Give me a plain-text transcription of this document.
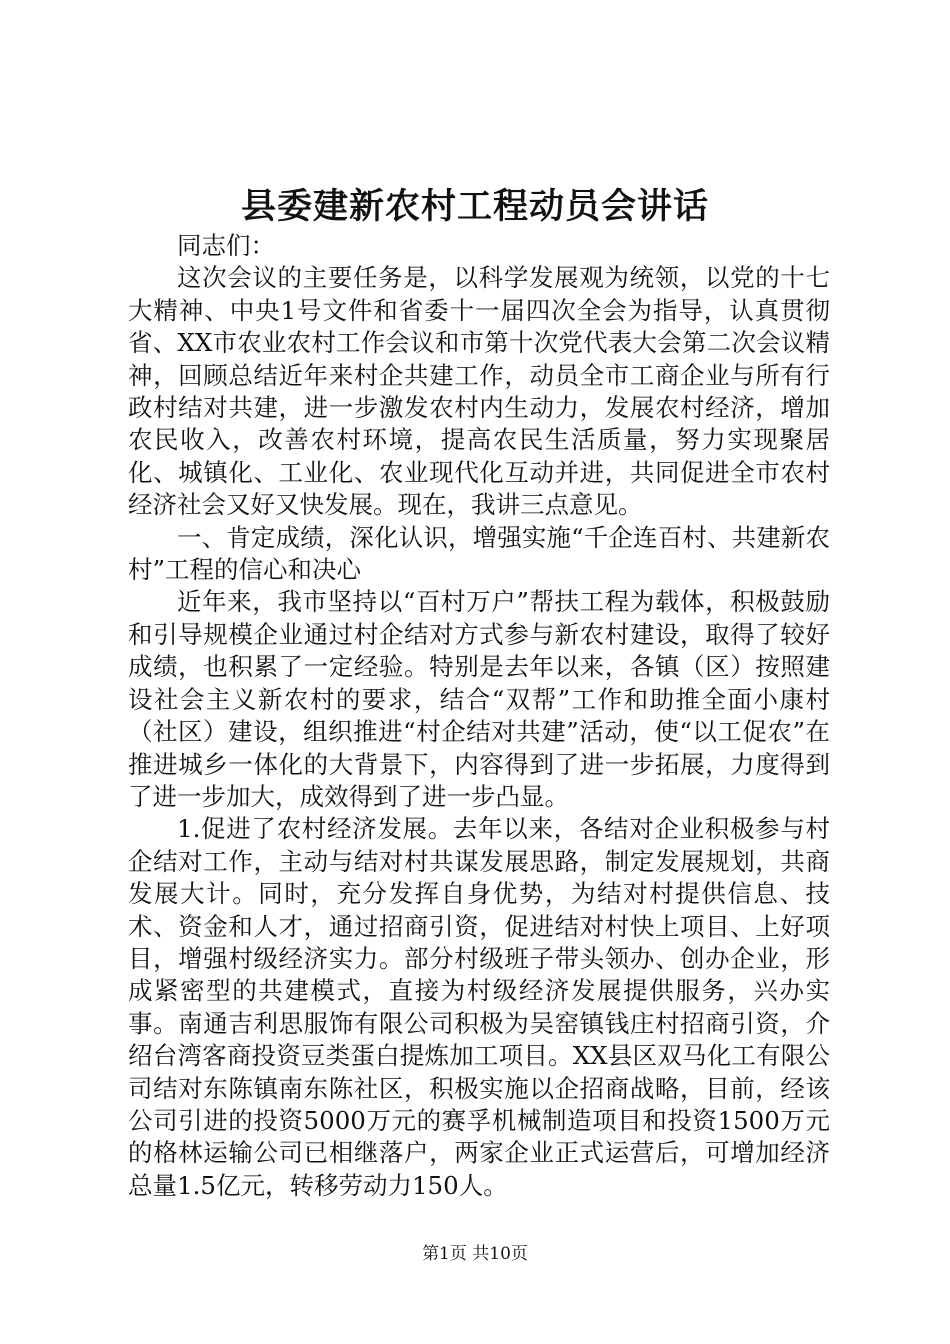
县委建新农村工程动员会讲话

同志们：

这次会议的主要任务是，以科学发展观为统领，以党的十七大精神、中央1号文件和省委十一届四次全会为指导，认真贯彻省、XX市农业农村工作会议和市第十次党代表大会第二次会议精神，回顾总结近年来村企共建工作，动员全市工商企业与所有行政村结对共建，进一步激发农村内生动力，发展农村经济，增加农民收入，改善农村环境，提高农民生活质量，努力实现聚居化、城镇化、工业化、农业现代化互动并进，共同促进全市农村经济社会又好又快发展。现在，我讲三点意见。

一、肯定成绩，深化认识，增强实施“千企连百村、共建新农村”工程的信心和决心

近年来，我市坚持以“百村万户”帮扶工程为载体，积极鼓励和引导规模企业通过村企结对方式参与新农村建设，取得了较好成绩，也积累了一定经验。特别是去年以来，各镇（区）按照建设社会主义新农村的要求，结合“双帮”工作和助推全面小康村（社区）建设，组织推进“村企结对共建”活动，使“以工促农”在推进城乡一体化的大背景下，内容得到了进一步拓展，力度得到了进一步加大，成效得到了进一步凸显。

1.促进了农村经济发展。去年以来，各结对企业积极参与村企结对工作，主动与结对村共谋发展思路，制定发展规划，共商发展大计。同时，充分发挥自身优势，为结对村提供信息、技术、资金和人才，通过招商引资，促进结对村快上项目、上好项目，增强村级经济实力。部分村级班子带头领办、创办企业，形成紧密型的共建模式，直接为村级经济发展提供服务，兴办实事。南通吉利思服饰有限公司积极为吴窑镇钱庄村招商引资，介绍台湾客商投资豆类蛋白提炼加工项目。XX县区双马化工有限公司结对东陈镇南东陈社区，积极实施以企招商战略，目前，经该公司引进的投资5000万元的赛孚机械制造项目和投资1500万元的格林运输公司已相继落户，两家企业正式运营后，可增加经济总量1.5亿元，转移劳动力150人。

第1页 共10页
